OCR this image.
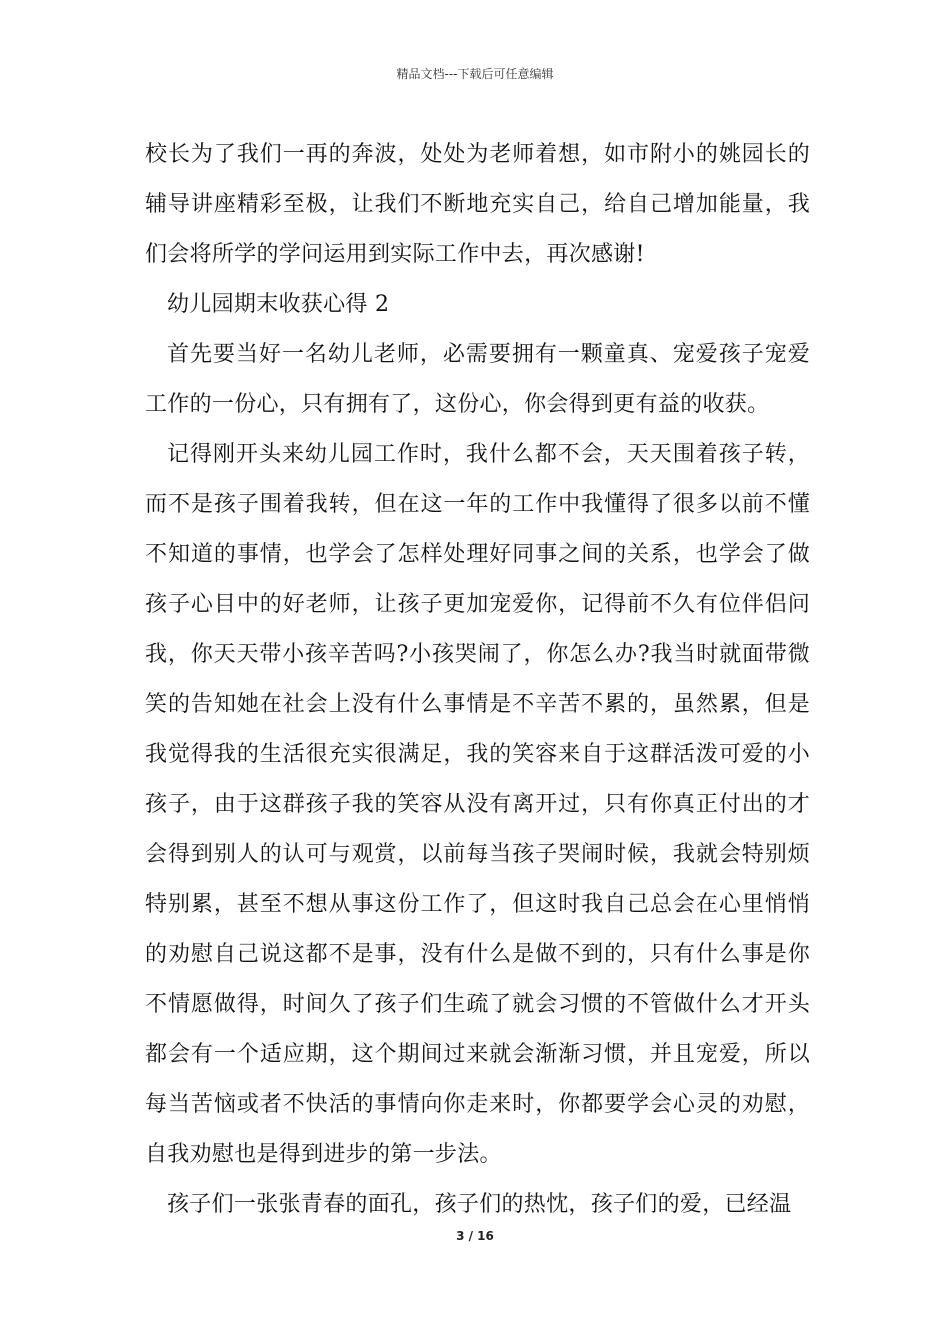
精品文档---下载后可任意编辑

校长为了我们一再的奔波，处处为老师着想，如市附小的姚园长的辅导讲座精彩至极，让我们不断地充实自己，给自己增加能量，我们会将所学的学问运用到实际工作中去，再次感谢!

幼儿园期末收获心得 2

首先要当好一名幼儿老师，必需要拥有一颗童真、宠爱孩子宠爱工作的一份心，只有拥有了，这份心，你会得到更有益的收获。

记得刚开头来幼儿园工作时，我什么都不会，天天围着孩子转，而不是孩子围着我转，但在这一年的工作中我懂得了很多以前不懂不知道的事情，也学会了怎样处理好同事之间的关系，也学会了做孩子心目中的好老师，让孩子更加宠爱你，记得前不久有位伴侣问我，你天天带小孩辛苦吗?小孩哭闹了，你怎么办?我当时就面带微笑的告知她在社会上没有什么事情是不辛苦不累的，虽然累，但是我觉得我的生活很充实很满足，我的笑容来自于这群活泼可爱的小孩子，由于这群孩子我的笑容从没有离开过，只有你真正付出的才会得到别人的认可与观赏，以前每当孩子哭闹时候，我就会特别烦特别累，甚至不想从事这份工作了，但这时我自己总会在心里悄悄的劝慰自己说这都不是事，没有什么是做不到的，只有什么事是你不情愿做得，时间久了孩子们生疏了就会习惯的不管做什么才开头都会有一个适应期，这个期间过来就会渐渐习惯，并且宠爱，所以每当苦恼或者不快活的事情向你走来时，你都要学会心灵的劝慰，自我劝慰也是得到进步的第一步法。

孩子们一张张青春的面孔，孩子们的热忱，孩子们的爱，已经温

3 / 16
